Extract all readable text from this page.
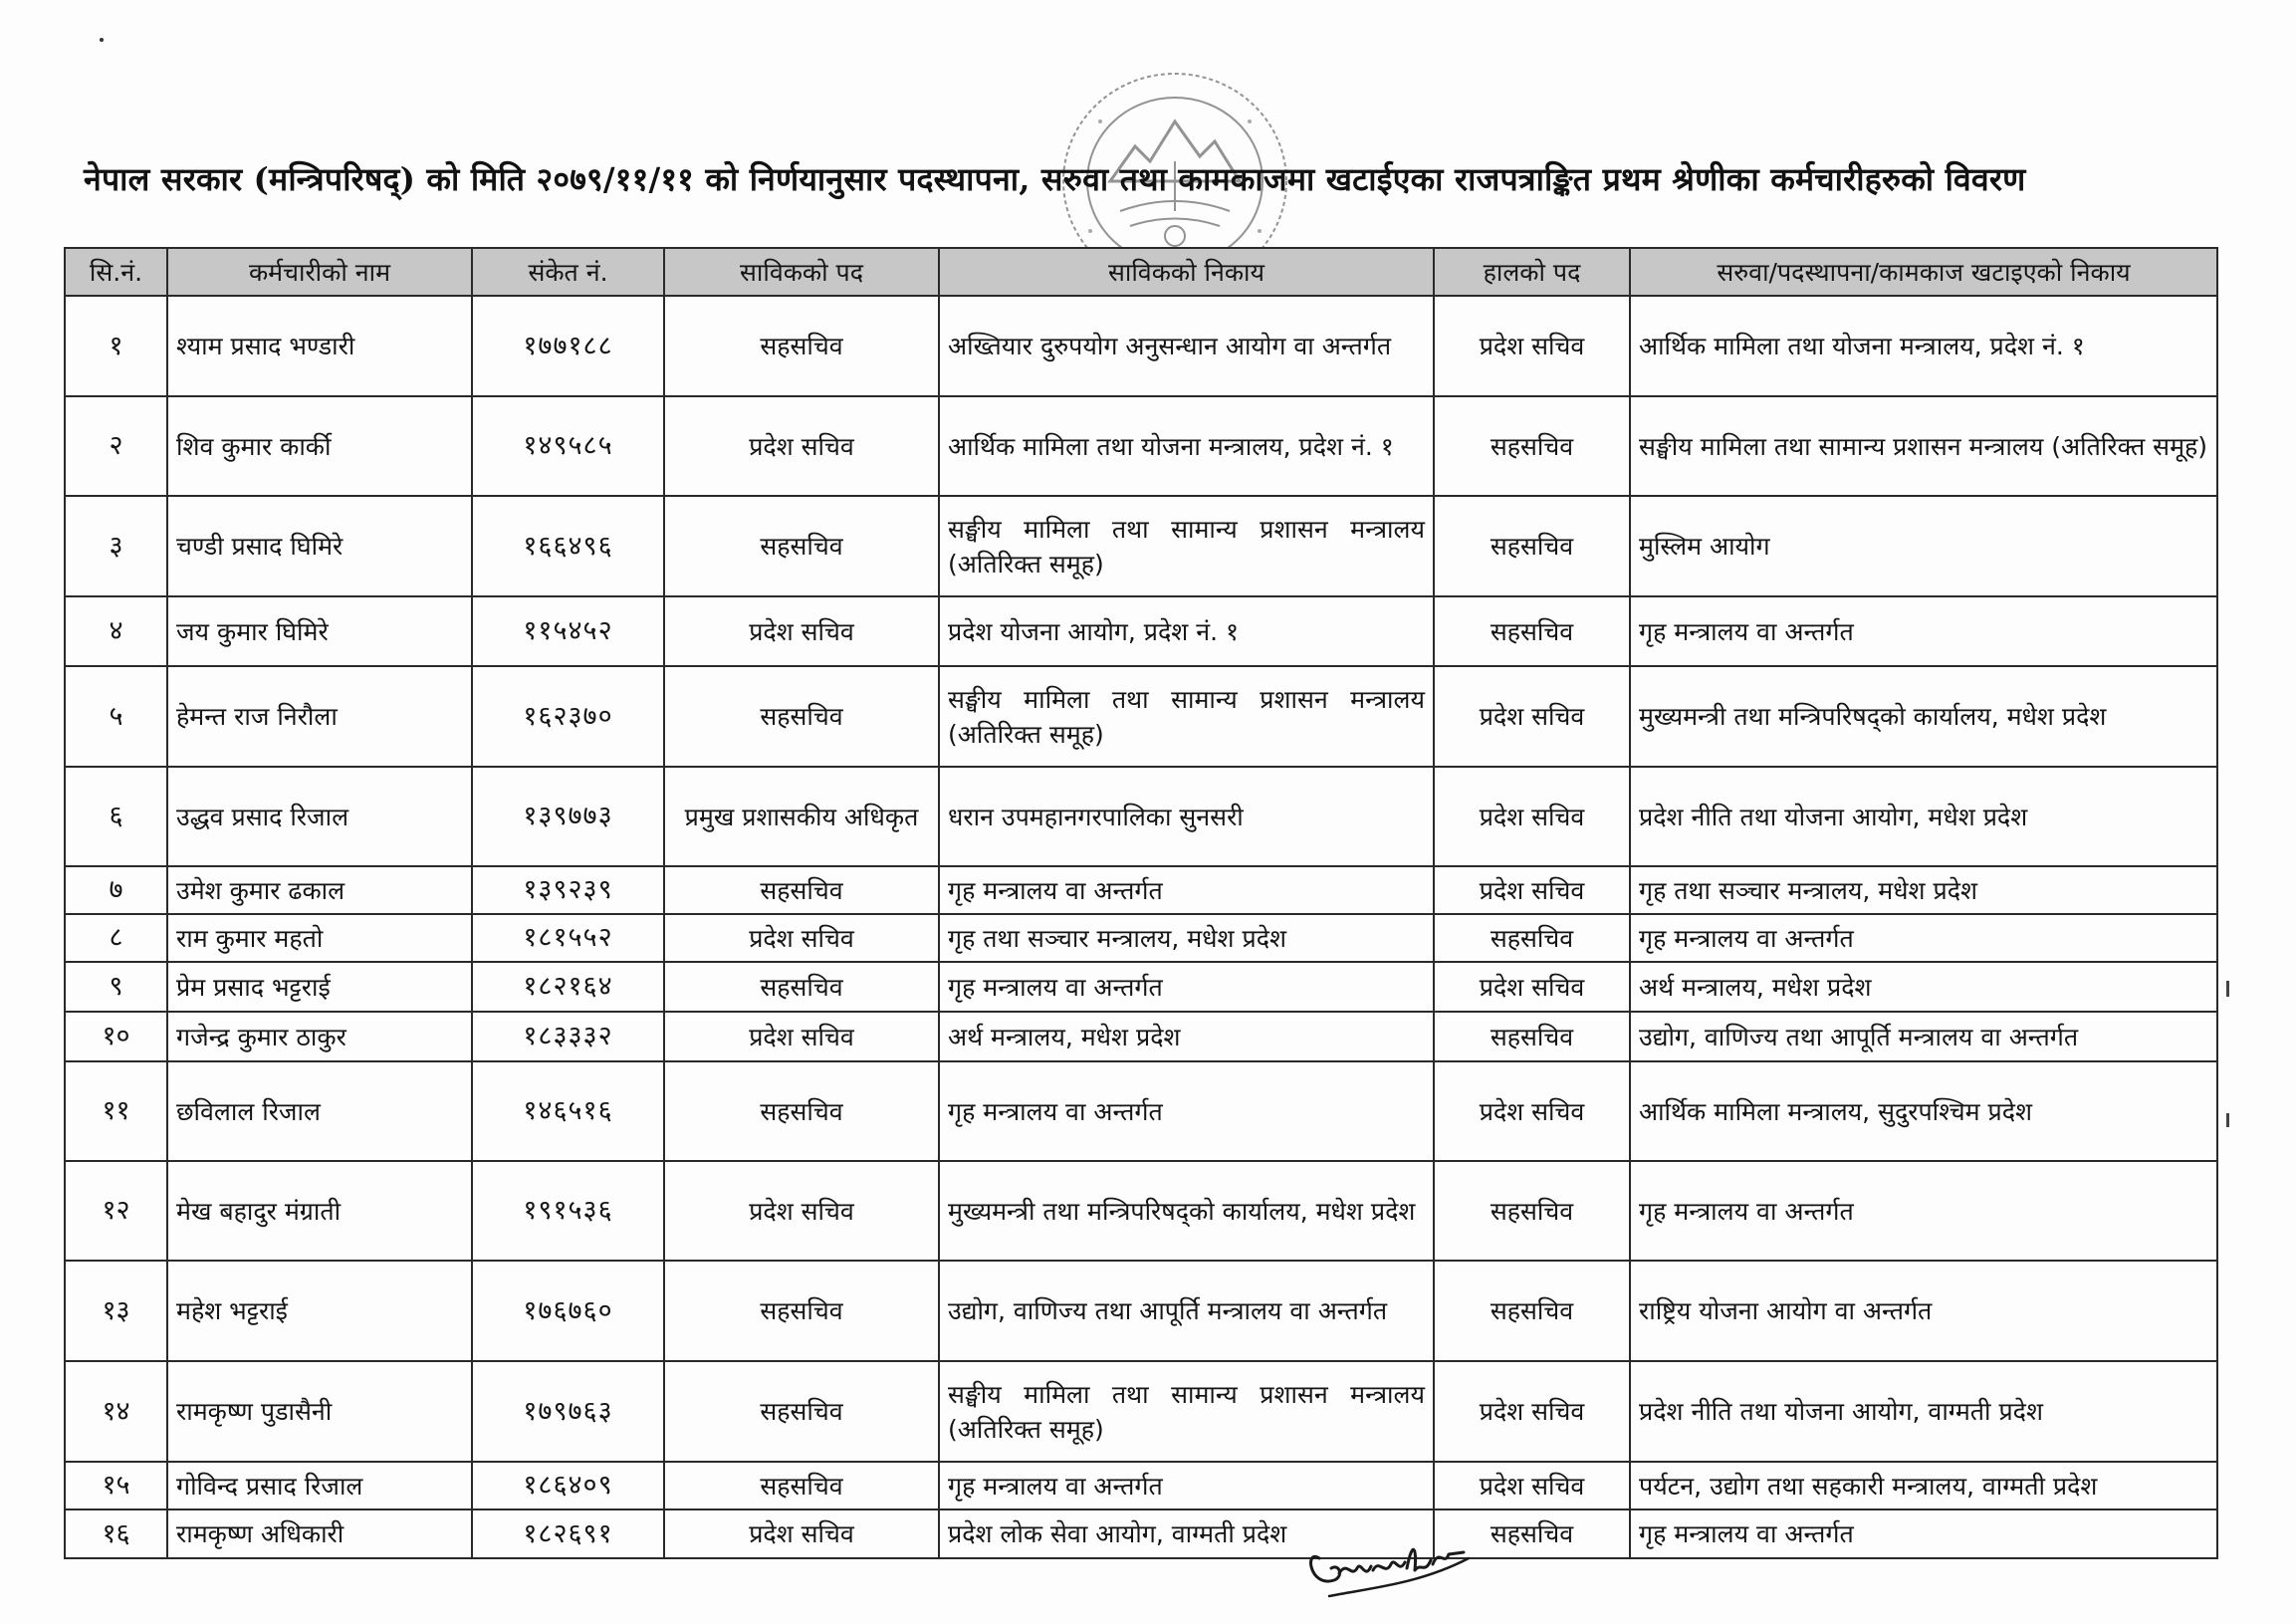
नेपाल सरकार (मन्त्रिपरिषद्) को मिति २०७९/११/११ को निर्णयानुसार पदस्थापना, सरुवा तथा कामकाजमा खटाईएका राजपत्राङ्कित प्रथम श्रेणीका कर्मचारीहरुको विवरण
सि.नं.	कर्मचारीको नाम	संकेत नं.	साविकको पद	साविकको निकाय	हालको पद	सरुवा/पदस्थापना/कामकाज खटाइएको निकाय
१	श्याम प्रसाद भण्डारी	१७७१८८	सहसचिव	अख्तियार दुरुपयोग अनुसन्धान आयोग वा अन्तर्गत	प्रदेश सचिव	आर्थिक मामिला तथा योजना मन्त्रालय, प्रदेश नं. १
२	शिव कुमार कार्की	१४९५८५	प्रदेश सचिव	आर्थिक मामिला तथा योजना मन्त्रालय, प्रदेश नं. १	सहसचिव	सङ्घीय मामिला तथा सामान्य प्रशासन मन्त्रालय (अतिरिक्त समूह)
३	चण्डी प्रसाद घिमिरे	१६६४९६	सहसचिव	सङ्घीय मामिला तथा सामान्य प्रशासन मन्त्रालय (अतिरिक्त समूह)	सहसचिव	मुस्लिम आयोग
४	जय कुमार घिमिरे	११५४५२	प्रदेश सचिव	प्रदेश योजना आयोग, प्रदेश नं. १	सहसचिव	गृह मन्त्रालय वा अन्तर्गत
५	हेमन्त राज निरौला	१६२३७०	सहसचिव	सङ्घीय मामिला तथा सामान्य प्रशासन मन्त्रालय (अतिरिक्त समूह)	प्रदेश सचिव	मुख्यमन्त्री तथा मन्त्रिपरिषद्को कार्यालय, मधेश प्रदेश
६	उद्धव प्रसाद रिजाल	१३९७७३	प्रमुख प्रशासकीय अधिकृत	धरान उपमहानगरपालिका सुनसरी	प्रदेश सचिव	प्रदेश नीति तथा योजना आयोग, मधेश प्रदेश
७	उमेश कुमार ढकाल	१३९२३९	सहसचिव	गृह मन्त्रालय वा अन्तर्गत	प्रदेश सचिव	गृह तथा सञ्चार मन्त्रालय, मधेश प्रदेश
८	राम कुमार महतो	१८१५५२	प्रदेश सचिव	गृह तथा सञ्चार मन्त्रालय, मधेश प्रदेश	सहसचिव	गृह मन्त्रालय वा अन्तर्गत
९	प्रेम प्रसाद भट्टराई	१८२१६४	सहसचिव	गृह मन्त्रालय वा अन्तर्गत	प्रदेश सचिव	अर्थ मन्त्रालय, मधेश प्रदेश
१०	गजेन्द्र कुमार ठाकुर	१८३३३२	प्रदेश सचिव	अर्थ मन्त्रालय, मधेश प्रदेश	सहसचिव	उद्योग, वाणिज्य तथा आपूर्ति मन्त्रालय वा अन्तर्गत
११	छविलाल रिजाल	१४६५१६	सहसचिव	गृह मन्त्रालय वा अन्तर्गत	प्रदेश सचिव	आर्थिक मामिला मन्त्रालय, सुदुरपश्चिम प्रदेश
१२	मेख बहादुर मंग्राती	१९१५३६	प्रदेश सचिव	मुख्यमन्त्री तथा मन्त्रिपरिषद्को कार्यालय, मधेश प्रदेश	सहसचिव	गृह मन्त्रालय वा अन्तर्गत
१३	महेश भट्टराई	१७६७६०	सहसचिव	उद्योग, वाणिज्य तथा आपूर्ति मन्त्रालय वा अन्तर्गत	सहसचिव	राष्ट्रिय योजना आयोग वा अन्तर्गत
१४	रामकृष्ण पुडासैनी	१७९७६३	सहसचिव	सङ्घीय मामिला तथा सामान्य प्रशासन मन्त्रालय (अतिरिक्त समूह)	प्रदेश सचिव	प्रदेश नीति तथा योजना आयोग, वाग्मती प्रदेश
१५	गोविन्द प्रसाद रिजाल	१८६४०९	सहसचिव	गृह मन्त्रालय वा अन्तर्गत	प्रदेश सचिव	पर्यटन, उद्योग तथा सहकारी मन्त्रालय, वाग्मती प्रदेश
१६	रामकृष्ण अधिकारी	१८२६९१	प्रदेश सचिव	प्रदेश लोक सेवा आयोग, वाग्मती प्रदेश	सहसचिव	गृह मन्त्रालय वा अन्तर्गत
